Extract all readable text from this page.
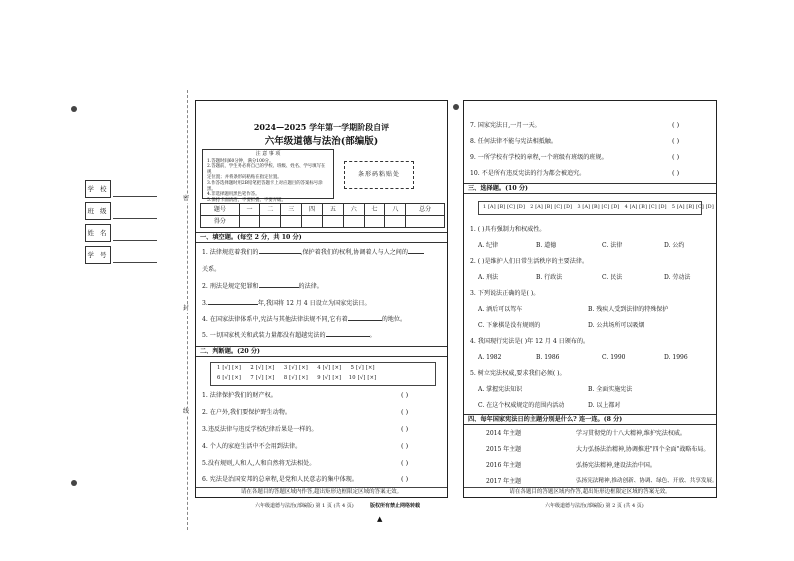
学 校
班 级
姓 名
学 号
密
封
线
2024—2025 学年第一学期阶段自评
六年级道德与法治(部编版)
注 意 事 项
1.答题时间60分钟，满分100分。
2.答题前，学生务必将自己的学校、班级、姓名、学号填写在规
定位置；并将条形码粘贴在指定位置。
3.作答选择题时用2B铅笔把答题卡上对应题目的答案标号涂黑。
4.非选择题用黑色笔作答。
5.保持卡面清洁，不要折叠、不要弄破。
条形码粘贴处
题号	一	二	三	四	五	六	七	八	总分
得分									
一、填空题。(每空 2 分，共 10 分)
1. 法律规范着我们的	,保护着我们的权利,协调着人与人之间的
关系。
2. 刑法是规定犯罪和	的法律。
3.	年,我国将 12 月 4 日设立为国家宪法日。
4. 在国家法律体系中,宪法与其他法律法规不同,它有着	的地位。
5. 一切国家机关和武装力量都没有超越宪法的	。
二、判断题。(20 分)
1 [√] [×] 2 [√] [×] 3 [√] [×] 4 [√] [×] 5 [√] [×]
6 [√] [×] 7 [√] [×] 8 [√] [×] 9 [√] [×] 10 [√] [×]
1. 法律保护我们的财产权。	( )
2. 在户外,我们要保护野生动物。	( )
3.违反法律与违反学校纪律后果是一样的。	( )
4. 个人的家庭生活中不会用到法律。	( )
5.没有规则,人和人,人和自然将无法相处。	( )
6. 宪法是治国安邦的总章程,是党和人民意志的集中体现。	( )
请在各题目的答题区域内作答,超出矩形边框限定区域的答案无效。
六年级道德与法治(部编版) 第 1 页 (共 4 页)	版权所有禁止网络转载
▲
7. 国家宪法日,一月一天。	( )
8. 任何法律不能与宪法相抵触。	( )
9. 一所学校有学校的章程,一个班级有班级的班规。	( )
10. 不是所有违反宪法的行为都会被追究。	( )
三、选择题。(10 分)
1 [A] [B] [C] [D] 2 [A] [B] [C] [D] 3 [A] [B] [C] [D] 4 [A] [B] [C] [D] 5 [A] [B] [C] [D]
1. ( )具有强制力和权威性。
A. 纪律	B. 道德	C. 法律	D. 公约
2. ( )是维护人们日常生活秩序的主要法律。
A. 刑法	B. 行政法	C. 民法	D. 劳动法
3. 下列说法正确的是( )。
A. 酒后可以驾车	B. 残疾人受到法律的特殊保护
C. 下象棋是没有规则的	D. 公共场所可以吸烟
4. 我国现行宪法是( )年 12 月 4 日颁布的。
A. 1982	B. 1986	C. 1990	D. 1996
5. 树立宪法权威,要求我们必须( )。
A. 掌握宪法知识	B. 全面实施宪法
C. 在这个权威规定的范围内活动	D. 以上都对
四、每年国家宪法日的主题分别是什么? 连一连。(8 分)
2014 年主题	学习贯彻党的十八大精神,维护宪法权威。
2015 年主题	大力弘扬法治精神,协调推进"四个全面"战略布局。
2016 年主题	弘扬宪法精神,建设法治中国。
2017 年主题	弘扬宪法精神,推动创新、协调、绿色、开放、共享发展。
请在各题目的答题区域内作答,超出矩形边框限定区域的答案无效。
六年级道德与法治(部编版) 第 2 页 (共 4 页)
